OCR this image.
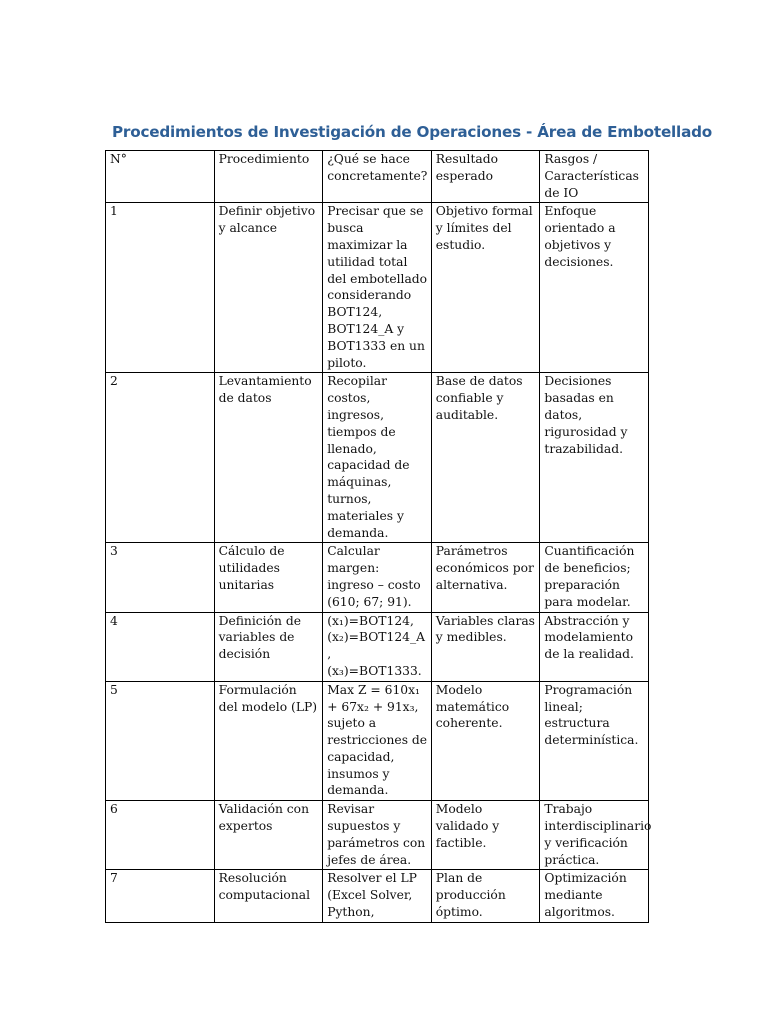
Procedimientos de Investigación de Operaciones - Área de Embotellado
N°	Procedimiento	¿Qué se hace concretamente?	Resultado esperado	Rasgos / Características de IO
1	Definir objetivo y alcance	Precisar que se busca maximizar la utilidad total del embotellado considerando BOT124, BOT124_A y BOT1333 en un piloto.	Objetivo formal y límites del estudio.	Enfoque orientado a objetivos y decisiones.
2	Levantamiento de datos	Recopilar costos, ingresos, tiempos de llenado, capacidad de máquinas, turnos, materiales y demanda.	Base de datos confiable y auditable.	Decisiones basadas en datos, rigurosidad y trazabilidad.
3	Cálculo de utilidades unitarias	Calcular margen: ingreso – costo (610; 67; 91).	Parámetros económicos por alternativa.	Cuantificación de beneficios; preparación para modelar.
4	Definición de variables de decisión	(x₁)=BOT124, (x₂)=BOT124_A , (x₃)=BOT1333.	Variables claras y medibles.	Abstracción y modelamiento de la realidad.
5	Formulación del modelo (LP)	Max Z = 610x₁ + 67x₂ + 91x₃, sujeto a restricciones de capacidad, insumos y demanda.	Modelo matemático coherente.	Programación lineal; estructura determinística.
6	Validación con expertos	Revisar supuestos y parámetros con jefes de área.	Modelo validado y factible.	Trabajo interdisciplinario y verificación práctica.
7	Resolución computacional	Resolver el LP (Excel Solver, Python,	Plan de producción óptimo.	Optimización mediante algoritmos.
